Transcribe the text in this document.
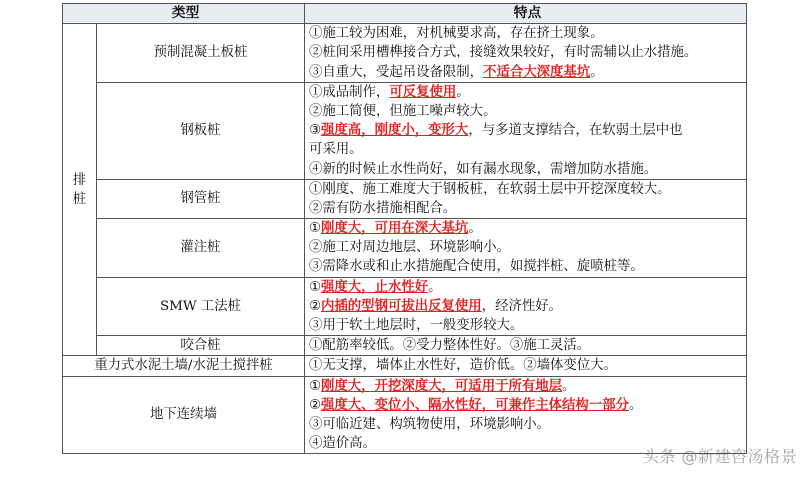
类型		特点

排
桩	预制混凝土板桩	①施工较为困难，对机械要求高，存在挤土现象。
②桩间采用槽榫接合方式，接缝效果较好，有时需辅以止水措施。
③自重大，受起吊设备限制，不适合大深度基坑。

	钢板桩	①成品制作，可反复使用。
②施工简便，但施工噪声较大。
③强度高，刚度小，变形大，与多道支撑结合，在软弱土层中也
可采用。
④新的时候止水性尚好，如有漏水现象，需增加防水措施。

	钢管桩	①刚度、施工难度大于钢板桩，在软弱土层中开挖深度较大。
②需有防水措施相配合。

	灌注桩	①刚度大，可用在深大基坑。
②施工对周边地层、环境影响小。
③需降水或和止水措施配合使用，如搅拌桩、旋喷桩等。

	SMW 工法桩	①强度大，止水性好。
②内插的型钢可拔出反复使用，经济性好。
③用于软土地层时，一般变形较大。

	咬合桩	①配筋率较低。②受力整体性好。③施工灵活。

重力式水泥土墙/水泥土搅拌桩		①无支撑，墙体止水性好，造价低。②墙体变位大。

地下连续墙		①刚度大，开挖深度大，可适用于所有地层。
②强度大、变位小、隔水性好，可兼作主体结构一部分。
③可临近建、构筑物使用，环境影响小。
④造价高。
头条 @新建咨汤格景
